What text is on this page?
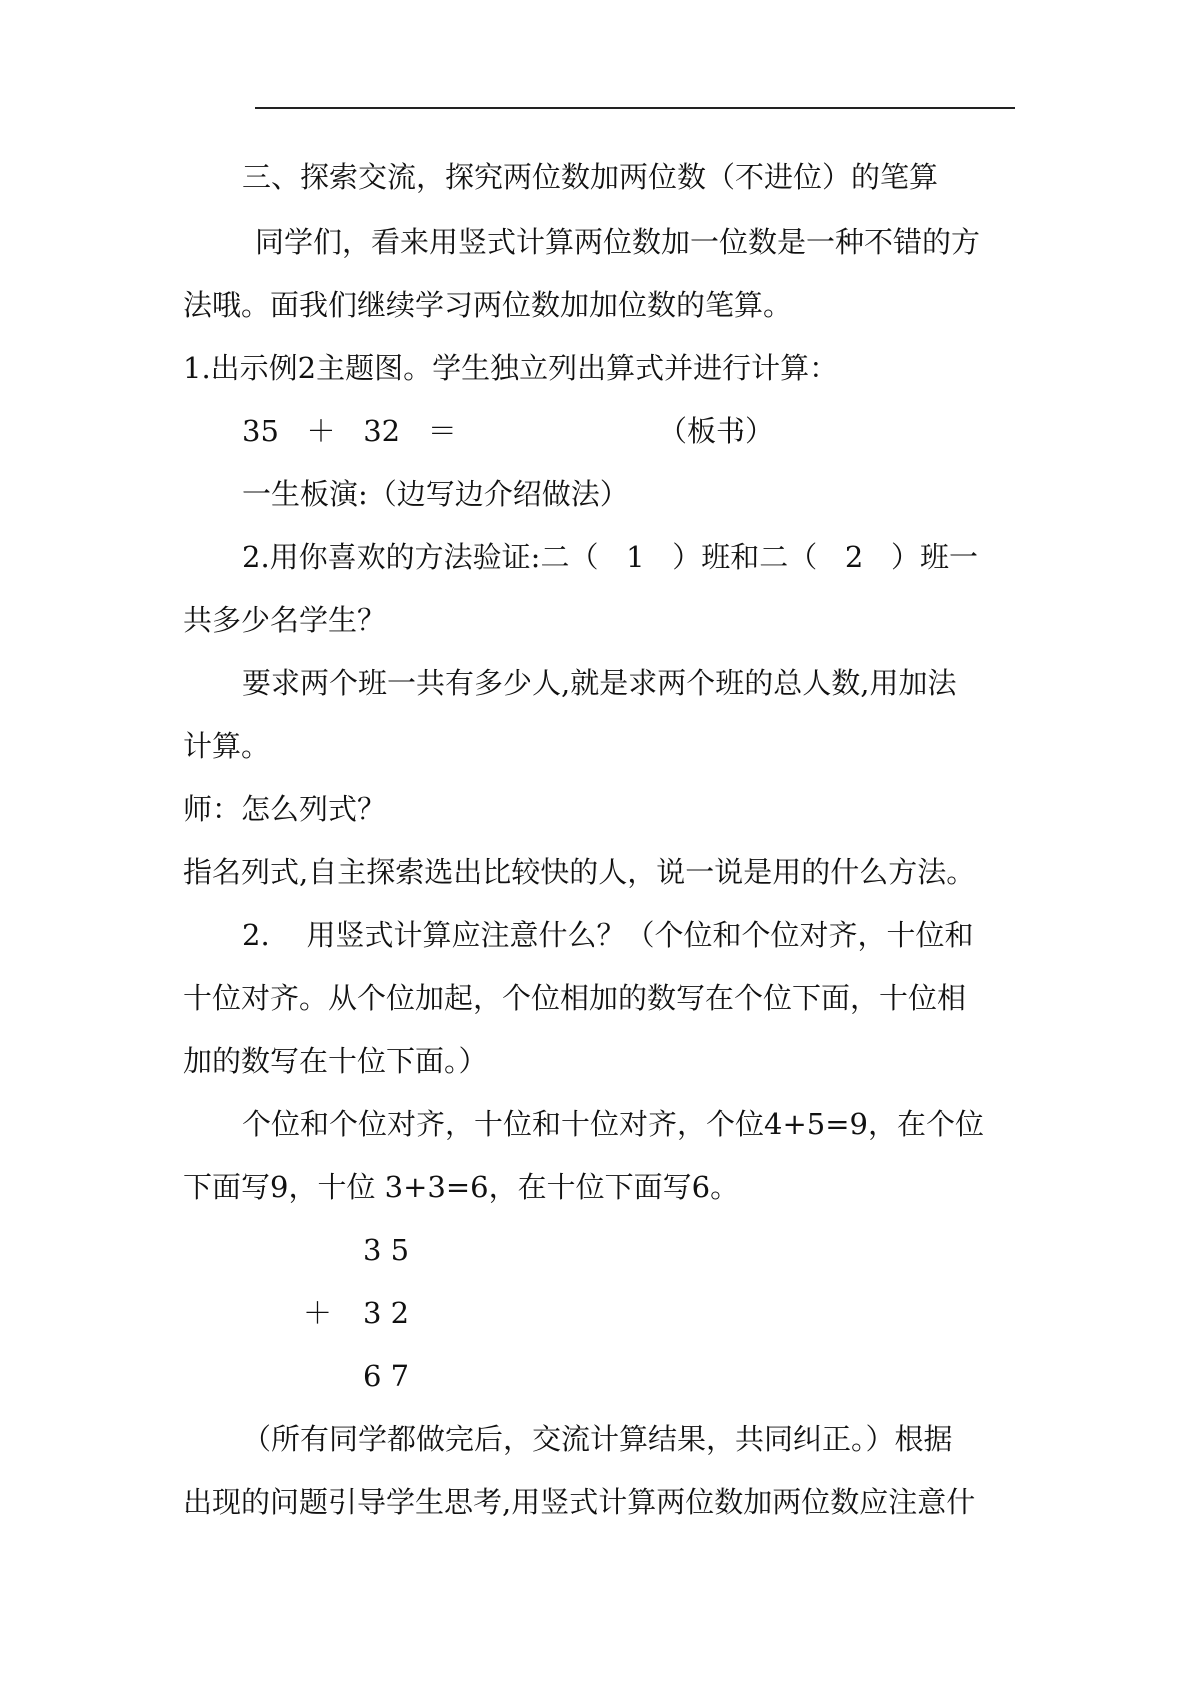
三、探索交流，探究两位数加两位数（不进位）的笔算
同学们，看来用竖式计算两位数加一位数是一种不错的方
法哦。面我们继续学习两位数加加位数的笔算。
1.出示例2主题图。学生独立列出算式并进行计算：
35   ＋   32   ＝	（板书）
一生板演:（边写边介绍做法）
2.用你喜欢的方法验证:二（   1   ）班和二（   2   ）班一
共多少名学生？
要求两个班一共有多少人,就是求两个班的总人数,用加法
计算。
师：怎么列式？
指名列式,自主探索选出比较快的人，说一说是用的什么方法。
2.    用竖式计算应注意什么？（个位和个位对齐，十位和
十位对齐。从个位加起，个位相加的数写在个位下面，十位相
加的数写在十位下面。）
个位和个位对齐，十位和十位对齐，个位4+5=9，在个位
下面写9，十位 3+3=6，在十位下面写6。
3 5
＋ 3 2
6 7
（所有同学都做完后，交流计算结果，共同纠正。）根据
出现的问题引导学生思考,用竖式计算两位数加两位数应注意什
